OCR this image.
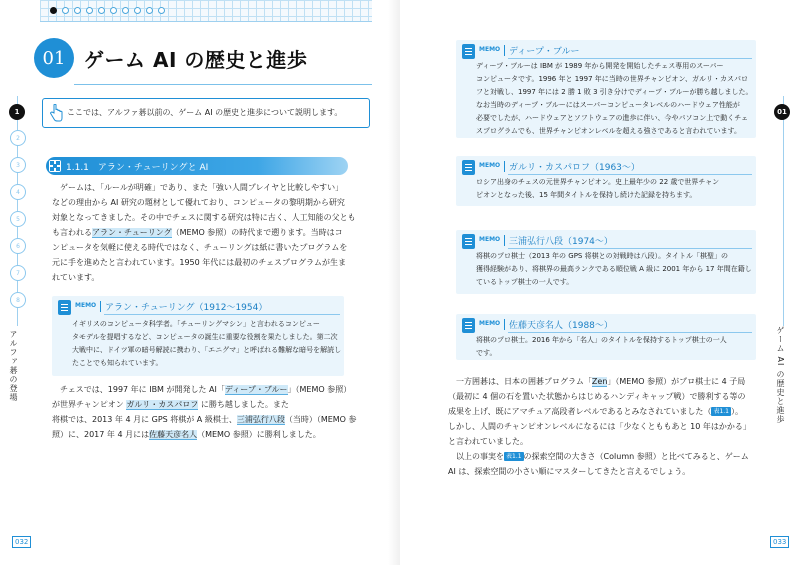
01 ゲーム AI の歴史と進歩
ここでは、アルファ碁以前の、ゲーム AI の歴史と進歩について説明します。
1.1.1　 アラン・チューリングと AI

　ゲームは、「ルールが明確」であり、また「強い人間プレイヤと比較しやすい」

などの理由から AI 研究の題材として優れており、コンピュータの黎明期から研究

対象となってきました。その中でチェスに関する研究は特に古く、人工知能の父とも

も言われるアラン・チューリング（MEMO 参照）の時代まで遡ります。当時はコ

ンピュータを気軽に使える時代ではなく、チューリングは紙に書いたプログラムを

元に手を進めたと言われています。1950 年代には最初のチェスプログラムが生ま

れています。

MEMO アラン・チューリング（1912〜1954）

イギリスのコンピュータ科学者。「チューリングマシン」と言われるコンピュー

タモデルを提唱するなど、コンピュータの誕生に重要な役割を果たしました。第二次

大戦中に、ドイツ軍の暗号解読に携わり、「エニグマ」と呼ばれる難解な暗号を解読し

たことでも知られています。

　チェスでは、1997 年に IBM が開発した AI「ディープ・ブルー」（MEMO 参照）

が世界チャンピオン ガルリ・カスパロフ に勝ち越しました。また

将棋では、2013 年 4 月に GPS 将棋が A 級棋士、三浦弘行八段（当時）（MEMO 参

照）に、2017 年 4 月には佐藤天彦名人（MEMO 参照）に勝利しました。

1
2
3
4
5
6
7
8
アルファ碁の登場
032
MEMO ディープ・ブルー

ディープ・ブルーは IBM が 1989 年から開発を開始したチェス専用のスーパー

コンピュータです。1996 年と 1997 年に当時の世界チャンピオン、ガルリ・カスパロ

フと対戦し、1997 年には 2 勝 1 敗 3 引き分けでディープ・ブルーが勝ち越しました。

なお当時のディープ・ブルーにはスーパーコンピュータレベルのハードウェア性能が

必要でしたが、ハードウェアとソフトウェアの進歩に伴い、今やパソコン上で動くチェ

スプログラムでも、世界チャンピオンレベルを超える強さであると言われています。

MEMO ガルリ・カスパロフ（1963〜）

ロシア出身のチェスの元世界チャンピオン。史上最年少の 22 歳で世界チャン

ピオンとなった後、15 年間タイトルを保持し続けた記録を持ちます。

MEMO 三浦弘行八段（1974〜）

将棋のプロ棋士（2013 年の GPS 将棋との対戦時は八段）。タイトル「棋聖」の

獲得経験があり、将棋界の最高ランクである順位戦 A 級に 2001 年から 17 年間在籍し

ているトップ棋士の一人です。

MEMO 佐藤天彦名人（1988〜）

将棋のプロ棋士。2016 年から「名人」のタイトルを保持するトップ棋士の一人

です。

　一方囲碁は、日本の囲碁プログラム「Zen」（MEMO 参照）がプロ棋士に 4 子局

（最初に 4 個の石を置いた状態からはじめるハンディキャップ戦）で勝利する等の

成果を上げ、既にアマチュア高段者レベルであるとみなされていました（ 表1.1 ）。

しかし、人間のチャンピオンレベルになるには「少なくとももあと 10 年はかかる」

と言われていました。

　以上の事実を 表1.1 の探索空間の大きさ（Column 参照）と比べてみると、ゲーム

AI は、探索空間の小さい順にマスターしてきたと言えるでしょう。

01
ゲーム AI の歴史と進歩
033
